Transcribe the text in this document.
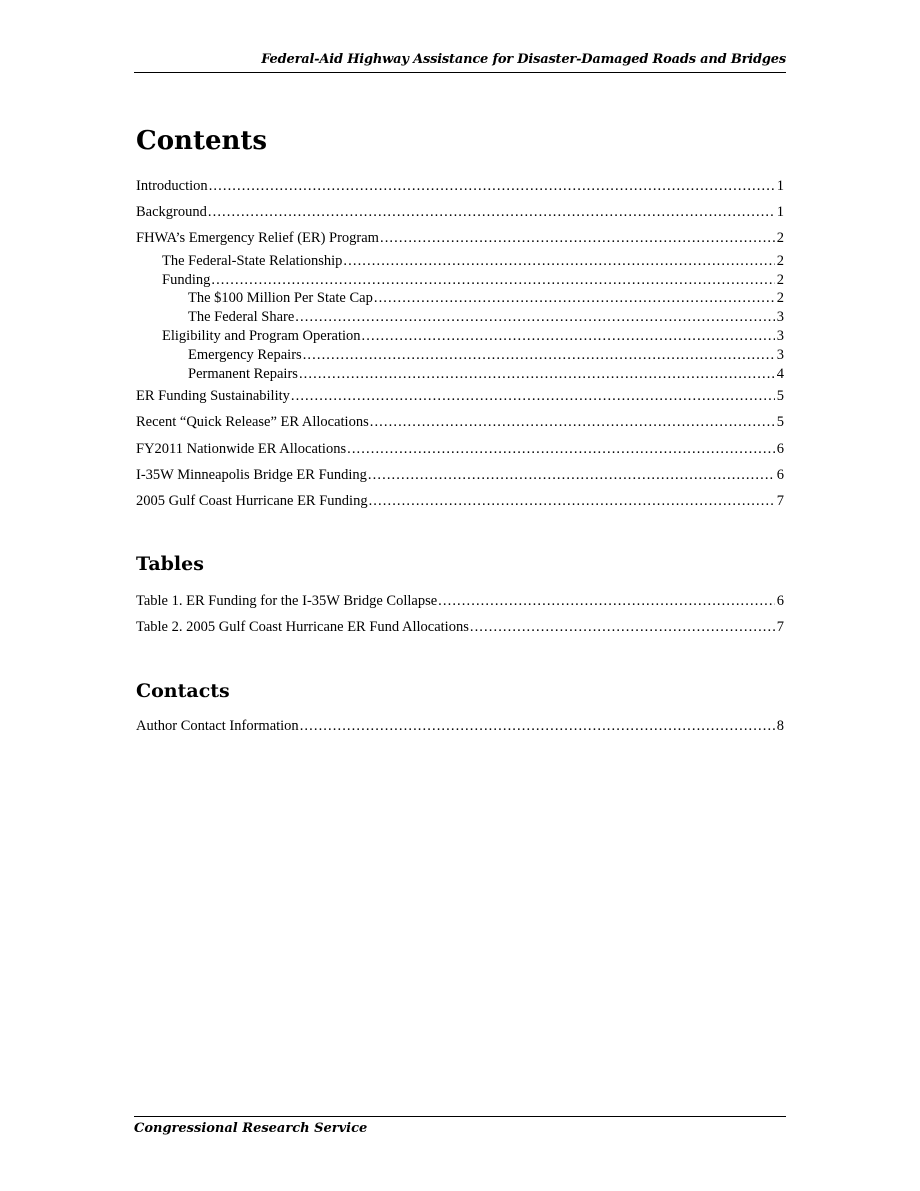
Federal-Aid Highway Assistance for Disaster-Damaged Roads and Bridges
Contents
Introduction .....	1
Background .....	1
FHWA’s Emergency Relief (ER) Program .....	2
The Federal-State Relationship .....	2
Funding .....	2
The $100 Million Per State Cap .....	2
The Federal Share .....	3
Eligibility and Program Operation .....	3
Emergency Repairs .....	3
Permanent Repairs .....	4
ER Funding Sustainability .....	5
Recent “Quick Release” ER Allocations .....	5
FY2011 Nationwide ER Allocations .....	6
I-35W Minneapolis Bridge ER Funding .....	6
2005 Gulf Coast Hurricane ER Funding .....	7
Tables
Table 1. ER Funding for the I-35W Bridge Collapse .....	6
Table 2. 2005 Gulf Coast Hurricane ER Fund Allocations .....	7
Contacts
Author Contact Information .....	8
Congressional Research Service
